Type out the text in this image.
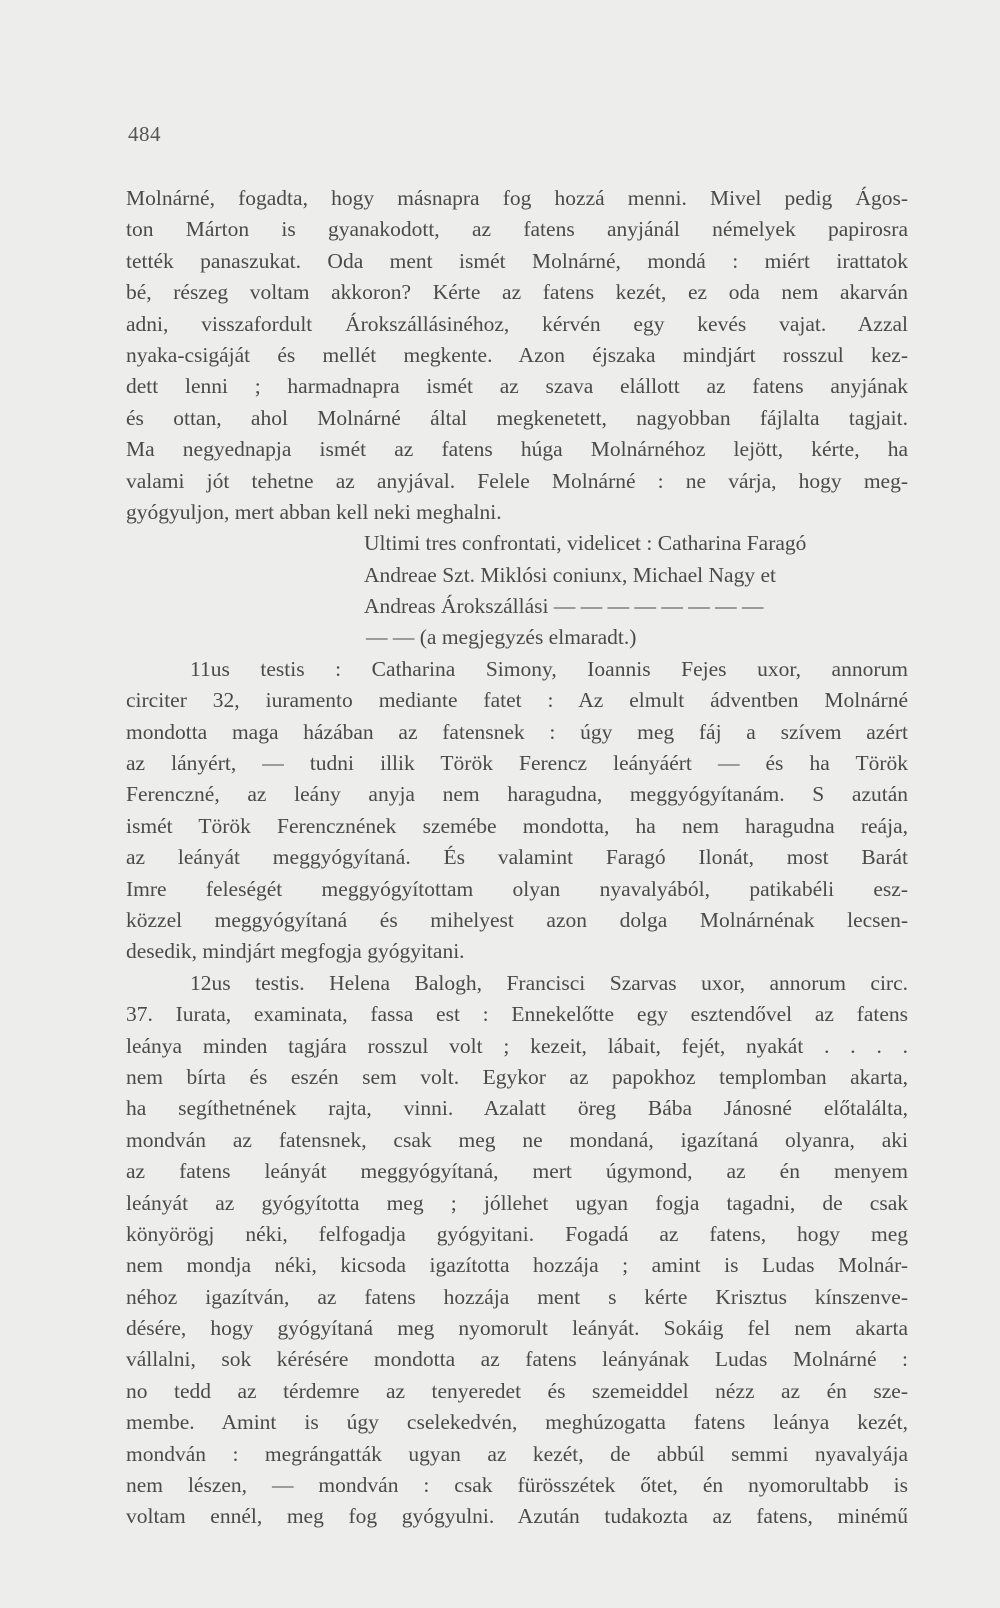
484
Molnárné, fogadta, hogy másnapra fog hozzá menni. Mivel pedig Ágos-
ton Márton is gyanakodott, az fatens anyjánál némelyek papirosra
tették panaszukat. Oda ment ismét Molnárné, mondá : miért irattatok
bé, részeg voltam akkoron? Kérte az fatens kezét, ez oda nem akarván
adni, visszafordult Árokszállásinéhoz, kérvén egy kevés vajat. Azzal
nyaka-csigáját és mellét megkente. Azon éjszaka mindjárt rosszul kez-
dett lenni ; harmadnapra ismét az szava elállott az fatens anyjának
és ottan, ahol Molnárné által megkenetett, nagyobban fájlalta tagjait.
Ma negyednapja ismét az fatens húga Molnárnéhoz lejött, kérte, ha
valami jót tehetne az anyjával. Felele Molnárné : ne várja, hogy meg-
gyógyuljon, mert abban kell neki meghalni.
Ultimi tres confrontati, videlicet : Catharina Faragó
Andreae Szt. Miklósi coniunx, Michael Nagy et
Andreas Árokszállási — — — — — — — —
— — (a megjegyzés elmaradt.)
11us testis : Catharina Simony, Ioannis Fejes uxor, annorum
circiter 32, iuramento mediante fatet : Az elmult ádventben Molnárné
mondotta maga házában az fatensnek : úgy meg fáj a szívem azért
az lányért, — tudni illik Török Ferencz leányáért — és ha Török
Ferenczné, az leány anyja nem haragudna, meggyógyítanám. S azután
ismét Török Ferencznének szemébe mondotta, ha nem haragudna reája,
az leányát meggyógyítaná. És valamint Faragó Ilonát, most Barát
Imre feleségét meggyógyítottam olyan nyavalyából, patikabéli esz-
közzel meggyógyítaná és mihelyest azon dolga Molnárnénak lecsen-
desedik, mindjárt megfogja gyógyitani.
12us testis. Helena Balogh, Francisci Szarvas uxor, annorum circ.
37. Iurata, examinata, fassa est : Ennekelőtte egy esztendővel az fatens
leánya minden tagjára rosszul volt ; kezeit, lábait, fejét, nyakát . . . .
nem bírta és eszén sem volt. Egykor az papokhoz templomban akarta,
ha segíthetnének rajta, vinni. Azalatt öreg Bába Jánosné előtalálta,
mondván az fatensnek, csak meg ne mondaná, igazítaná olyanra, aki
az fatens leányát meggyógyítaná, mert úgymond, az én menyem
leányát az gyógyította meg ; jóllehet ugyan fogja tagadni, de csak
könyörögj néki, felfogadja gyógyitani. Fogadá az fatens, hogy meg
nem mondja néki, kicsoda igazította hozzája ; amint is Ludas Molnár-
néhoz igazítván, az fatens hozzája ment s kérte Krisztus kínszenve-
désére, hogy gyógyítaná meg nyomorult leányát. Sokáig fel nem akarta
vállalni, sok kérésére mondotta az fatens leányának Ludas Molnárné :
no tedd az térdemre az tenyeredet és szemeiddel nézz az én sze-
membe. Amint is úgy cselekedvén, meghúzogatta fatens leánya kezét,
mondván : megrángatták ugyan az kezét, de abbúl semmi nyavalyája
nem lészen, — mondván : csak fürösszétek őtet, én nyomorultabb is
voltam ennél, meg fog gyógyulni. Azután tudakozta az fatens, minémű
